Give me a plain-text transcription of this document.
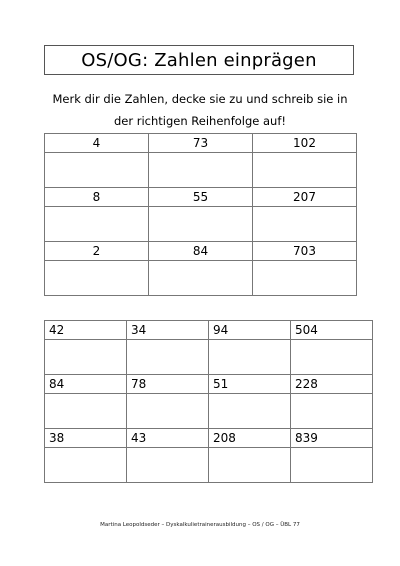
OS/OG: Zahlen einprägen
Merk dir die Zahlen, decke sie zu und schreib sie in
der richtigen Reihenfolge auf!
4	73	102

8	55	207

2	84	703

42	34	94	504

84	78	51	228

38	43	208	839

Martina Leopoldseder – Dyskalkulietrainerausbildung – OS / OG – ÜBL 77
